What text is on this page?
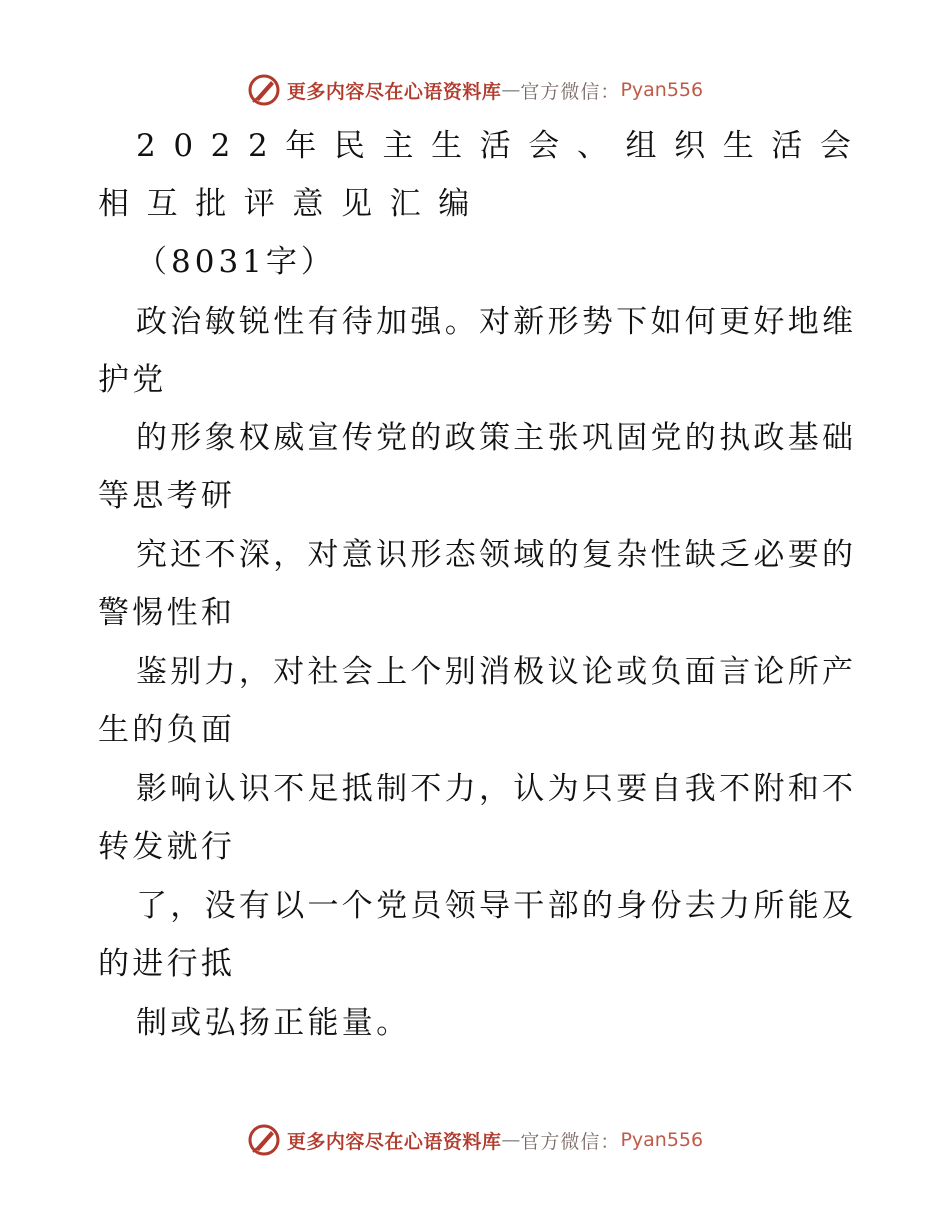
更多内容尽在心语资料库 — 官方微信： Pyan556
2022年民主生活会、组织生活会
相互批评意见汇编
（8031字）
政治敏锐性有待加强。对新形势下如何更好地维
护党
的形象权威宣传党的政策主张巩固党的执政基础
等思考研
究还不深，对意识形态领域的复杂性缺乏必要的
警惕性和
鉴别力，对社会上个别消极议论或负面言论所产
生的负面
影响认识不足抵制不力，认为只要自我不附和不
转发就行
了，没有以一个党员领导干部的身份去力所能及
的进行抵
制或弘扬正能量。
更多内容尽在心语资料库 — 官方微信： Pyan556
